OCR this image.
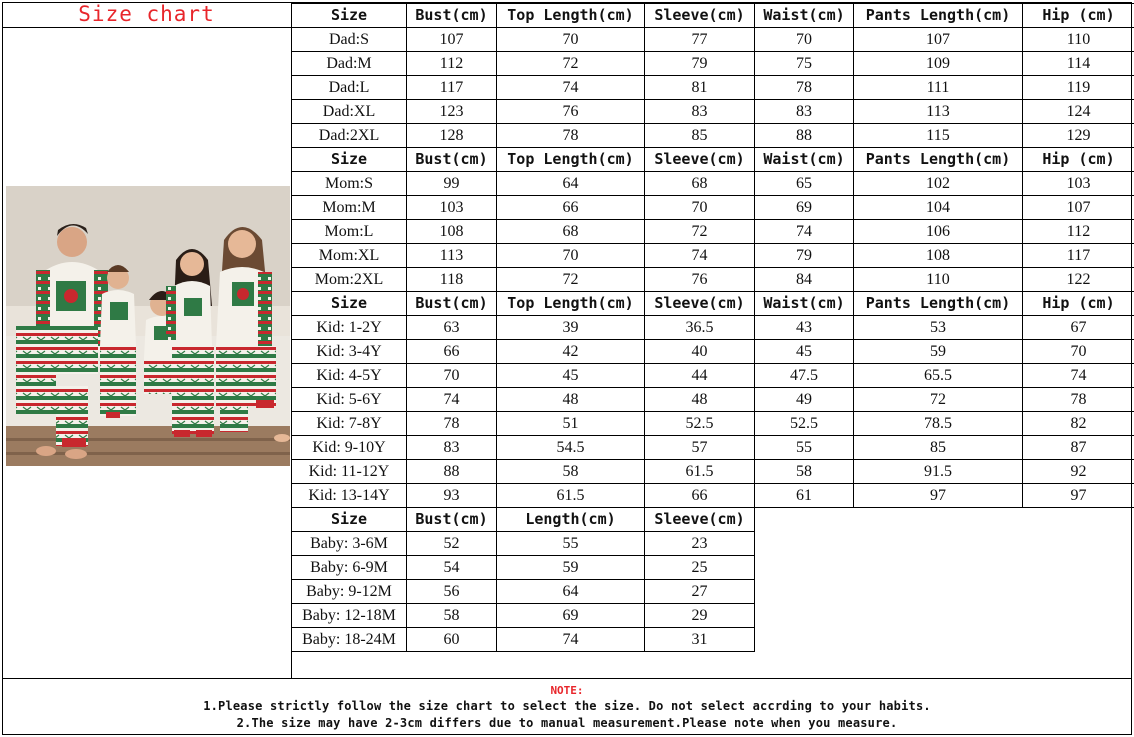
Size chart	Size	Bust(cm)	Top Length(cm)	Sleeve(cm)	Waist(cm)	Pants Length(cm)	Hip (cm)
Dad:S	107	70	77	70	107	110
Dad:M	112	72	79	75	109	114
Dad:L	117	74	81	78	111	119
Dad:XL	123	76	83	83	113	124
Dad:2XL	128	78	85	88	115	129
Size	Bust(cm)	Top Length(cm)	Sleeve(cm)	Waist(cm)	Pants Length(cm)	Hip (cm)
Mom:S	99	64	68	65	102	103
Mom:M	103	66	70	69	104	107
Mom:L	108	68	72	74	106	112
Mom:XL	113	70	74	79	108	117
Mom:2XL	118	72	76	84	110	122
Size	Bust(cm)	Top Length(cm)	Sleeve(cm)	Waist(cm)	Pants Length(cm)	Hip (cm)
Kid: 1-2Y	63	39	36.5	43	53	67
Kid: 3-4Y	66	42	40	45	59	70
Kid: 4-5Y	70	45	44	47.5	65.5	74
Kid: 5-6Y	74	48	48	49	72	78
Kid: 7-8Y	78	51	52.5	52.5	78.5	82
Kid: 9-10Y	83	54.5	57	55	85	87
Kid: 11-12Y	88	58	61.5	58	91.5	92
Kid: 13-14Y	93	61.5	66	61	97	97
Size	Bust(cm)	Length(cm)	Sleeve(cm)			
Baby: 3-6M	52	55	23			
Baby: 6-9M	54	59	25			
Baby: 9-12M	56	64	27			
Baby: 12-18M	58	69	29			
Baby: 18-24M	60	74	31			
NOTE:
1.Please strictly follow the size chart to select the size. Do not select accrding to your habits.
2.The size may have 2-3cm differs due to manual measurement.Please note when you measure.
